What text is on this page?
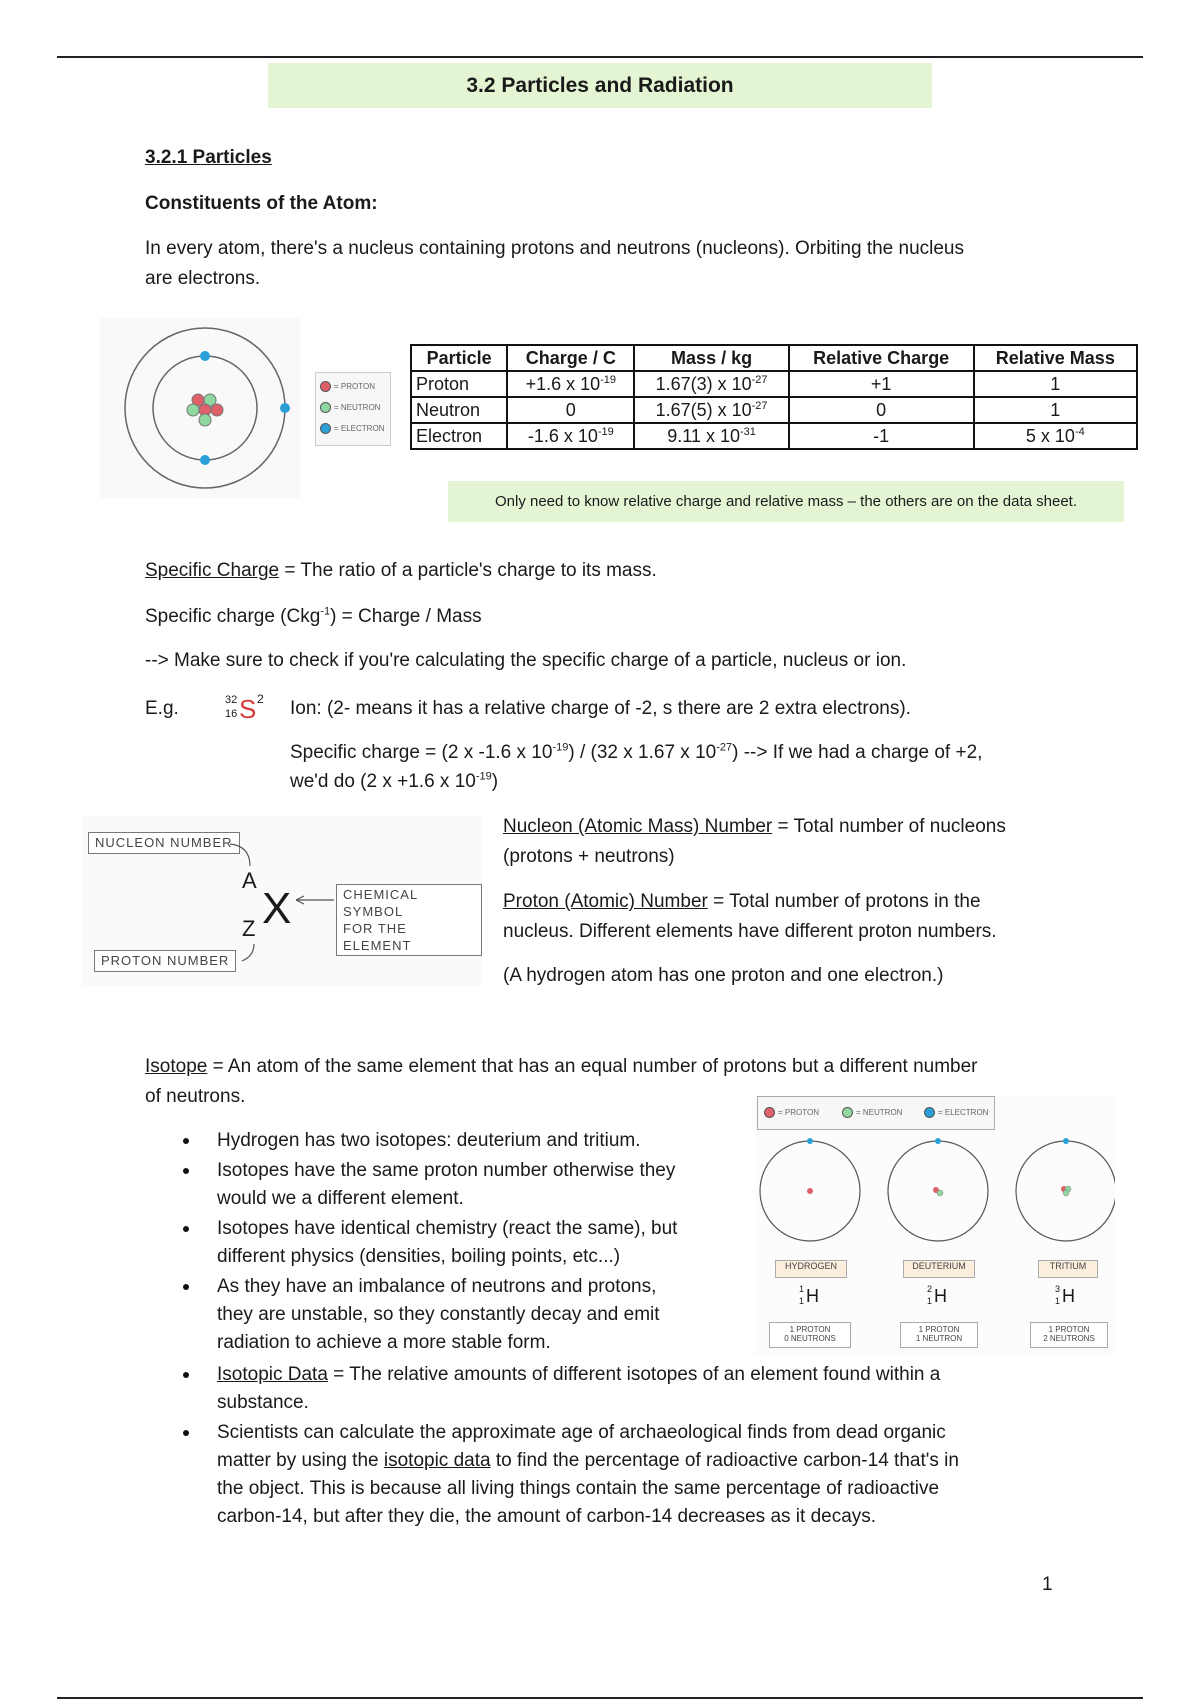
3.2 Particles and Radiation
3.2.1 Particles
Constituents of the Atom:
In every atom, there's a nucleus containing protons and neutrons (nucleons). Orbiting the nucleus
are electrons.
= PROTON
= NEUTRON
= ELECTRON
Particle	Charge / C	Mass / kg	Relative Charge	Relative Mass
Proton	+1.6 x $10^{-19}$	1.67(3) x $10^{-27}$	+1	1
Neutron	0	1.67(5) x $10^{-27}$	0	1
Electron	-1.6 x $10^{-19}$	9.11 x $10^{-31}$	-1	5 x $10^{-4}$
Only need to know relative charge and relative mass – the others are on the data sheet.
Specific Charge = The ratio of a particle's charge to its mass.
Specific charge (Ckg$^{-1}$) = Charge / Mass
--> Make sure to check if you're calculating the specific charge of a particle, nucleus or ion.
E.g.	32
16 S 2 Ion: (2- means it has a relative charge of -2, s there are 2 extra electrons).
Specific charge = (2 x -1.6 x $10^{-19}) / (32$ x 1.67 x $10^{-27}$) --> If we had a charge of +2,
we'd do (2 x +1.6 x $10^{-19}$)
NUCLEON NUMBER
PROTON NUMBER
CHEMICAL SYMBOL
FOR THE ELEMENT
A
Z X
Nucleon (Atomic Mass) Number = Total number of nucleons
(protons + neutrons)
Proton (Atomic) Number = Total number of protons in the
nucleus. Different elements have different proton numbers.
(A hydrogen atom has one proton and one electron.)
Isotope = An atom of the same element that has an equal number of protons but a different number
of neutrons.
Hydrogen has two isotopes: deuterium and tritium.
Isotopes have the same proton number otherwise they
would we a different element.
Isotopes have identical chemistry (react the same), but
different physics (densities, boiling points, etc...)
As they have an imbalance of neutrons and protons,
they are unstable, so they constantly decay and emit
radiation to achieve a more stable form.
Isotopic Data = The relative amounts of different isotopes of an element found within a
substance.
Scientists can calculate the approximate age of archaeological finds from dead organic
matter by using the isotopic data to find the percentage of radioactive carbon-14 that's in
the object. This is because all living things contain the same percentage of radioactive
carbon-14, but after they die, the amount of carbon-14 decreases as it decays.
= PROTON	= NEUTRON	= ELECTRON
HYDROGEN	DEUTERIUM	TRITIUM
1
1 H	2
1 H	3
1 H
1 PROTON
0 NEUTRONS
1 PROTON
1 NEUTRON
1 PROTON
2 NEUTRONS
1
